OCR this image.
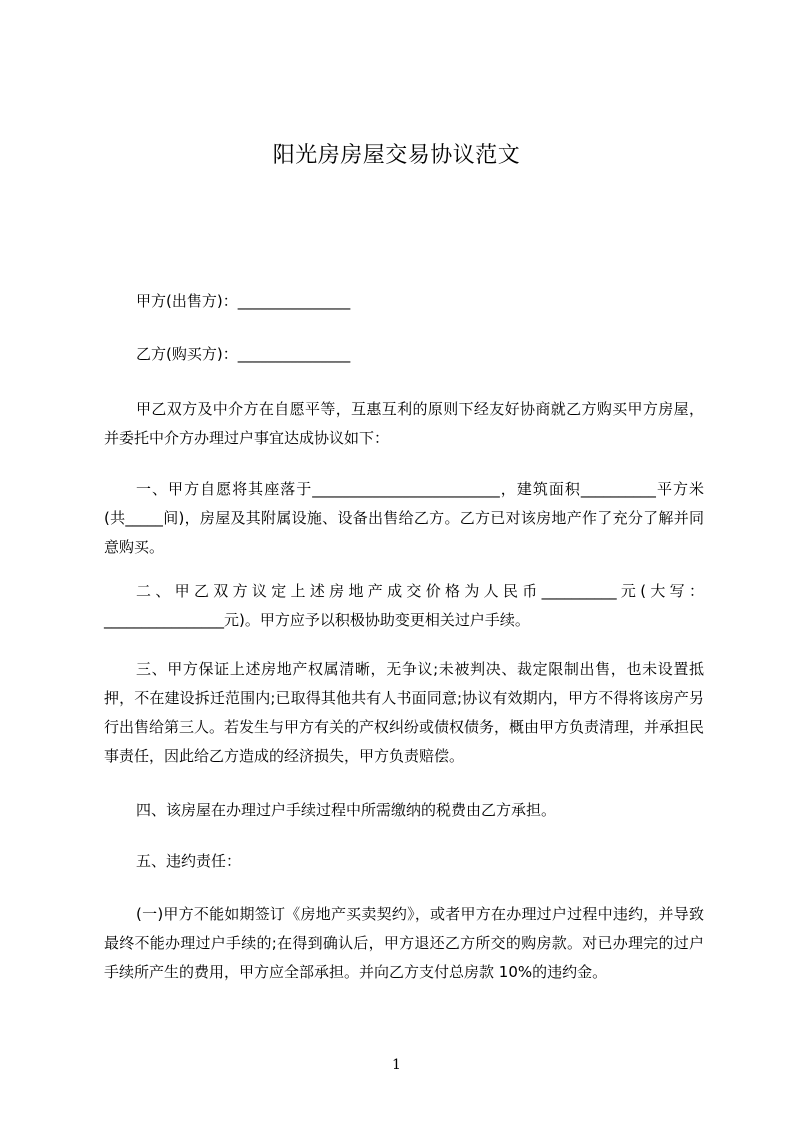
阳光房房屋交易协议范文
甲方(出售方)：_______________
乙方(购买方)：_______________
甲乙双方及中介方在自愿平等，互惠互利的原则下经友好协商就乙方购买甲方房屋，并委托中介方办理过户事宜达成协议如下：
一、甲方自愿将其座落于_________________________，建筑面积__________平方米(共_____间)，房屋及其附属设施、设备出售给乙方。乙方已对该房地产作了充分了解并同意购买。
二、甲乙双方议定上述房地产成交价格为人民币__________元(大写：________________元)。甲方应予以积极协助变更相关过户手续。
三、甲方保证上述房地产权属清晰，无争议;未被判决、裁定限制出售，也未设置抵押，不在建设拆迁范围内;已取得其他共有人书面同意;协议有效期内，甲方不得将该房产另行出售给第三人。若发生与甲方有关的产权纠纷或债权债务，概由甲方负责清理，并承担民事责任，因此给乙方造成的经济损失，甲方负责赔偿。
四、该房屋在办理过户手续过程中所需缴纳的税费由乙方承担。
五、违约责任：
(一)甲方不能如期签订《房地产买卖契约》，或者甲方在办理过户过程中违约，并导致最终不能办理过户手续的;在得到确认后，甲方退还乙方所交的购房款。对已办理完的过户手续所产生的费用，甲方应全部承担。并向乙方支付总房款 10%的违约金。
1
